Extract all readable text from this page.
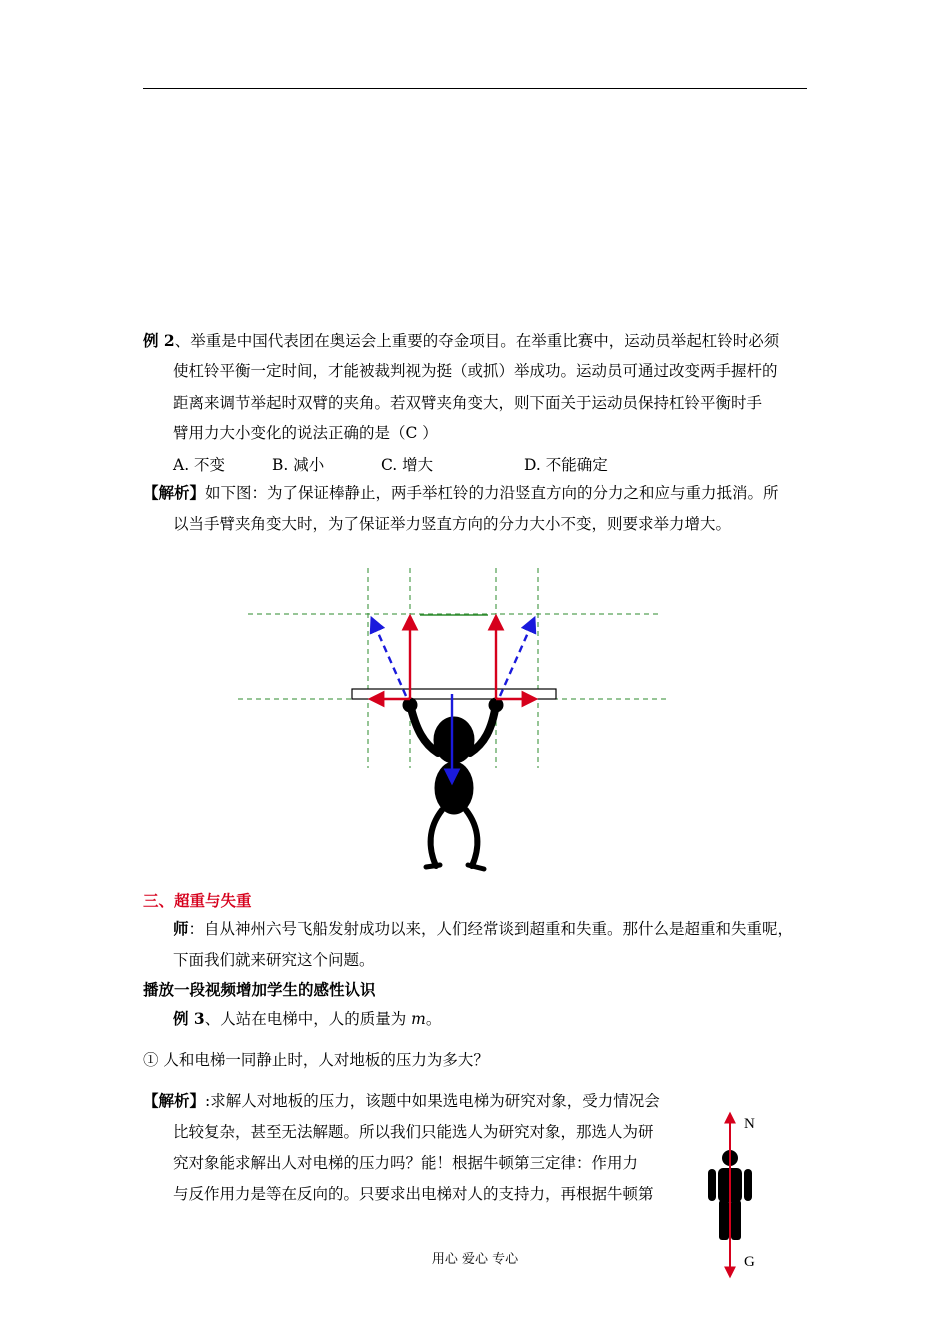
例 2、举重是中国代表团在奥运会上重要的夺金项目。在举重比赛中，运动员举起杠铃时必须
使杠铃平衡一定时间，才能被裁判视为挺（或抓）举成功。运动员可通过改变两手握杆的
距离来调节举起时双臂的夹角。若双臂夹角变大，则下面关于运动员保持杠铃平衡时手
臂用力大小变化的说法正确的是（C ）
A. 不变	B. 减小	C. 增大	D. 不能确定
【解析】如下图：为了保证棒静止，两手举杠铃的力沿竖直方向的分力之和应与重力抵消。所
以当手臂夹角变大时，为了保证举力竖直方向的分力大小不变，则要求举力增大。
三、超重与失重
师：自从神州六号飞船发射成功以来，人们经常谈到超重和失重。那什么是超重和失重呢，
下面我们就来研究这个问题。
播放一段视频增加学生的感性认识
例 3、人站在电梯中，人的质量为 m。
① 人和电梯一同静止时，人对地板的压力为多大？
【解析】:求解人对地板的压力，该题中如果选电梯为研究对象，受力情况会
比较复杂，甚至无法解题。所以我们只能选人为研究对象，那选人为研
究对象能求解出人对电梯的压力吗？能！根据牛顿第三定律：作用力
与反作用力是等在反向的。只要求出电梯对人的支持力，再根据牛顿第
N
G
用心 爱心 专心
